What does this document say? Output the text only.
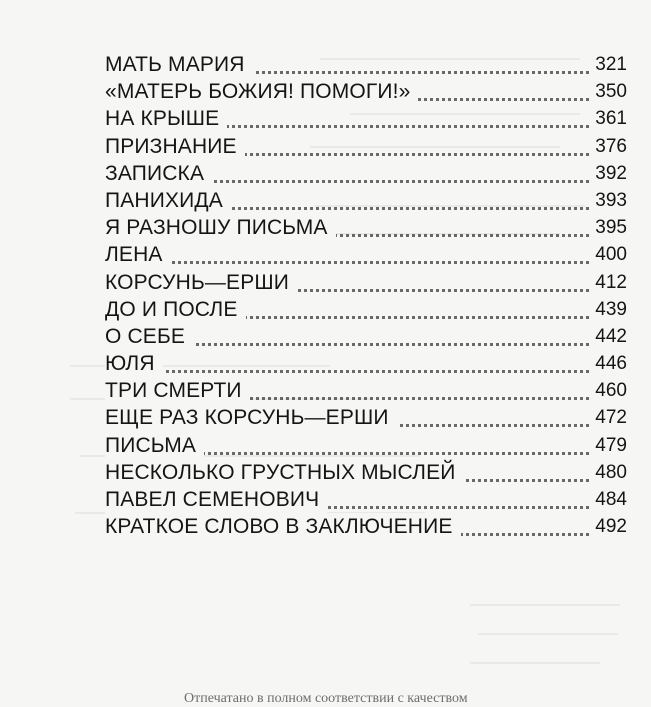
МАТЬ МАРИЯ	321
«МАТЕРЬ БОЖИЯ! ПОМОГИ!»	350
НА КРЫШЕ	361
ПРИЗНАНИЕ	376
ЗАПИСКА	392
ПАНИХИДА	393
Я РАЗНОШУ ПИСЬМА	395
ЛЕНА	400
КОРСУНЬ—ЕРШИ	412
ДО И ПОСЛЕ	439
О СЕБЕ	442
ЮЛЯ	446
ТРИ СМЕРТИ	460
ЕЩЕ РАЗ КОРСУНЬ—ЕРШИ	472
ПИСЬМА	479
НЕСКОЛЬКО ГРУСТНЫХ МЫСЛЕЙ	480
ПАВЕЛ СЕМЕНОВИЧ	484
КРАТКОЕ СЛОВО В ЗАКЛЮЧЕНИЕ	492
Отпечатано в полном соответствии с качеством
